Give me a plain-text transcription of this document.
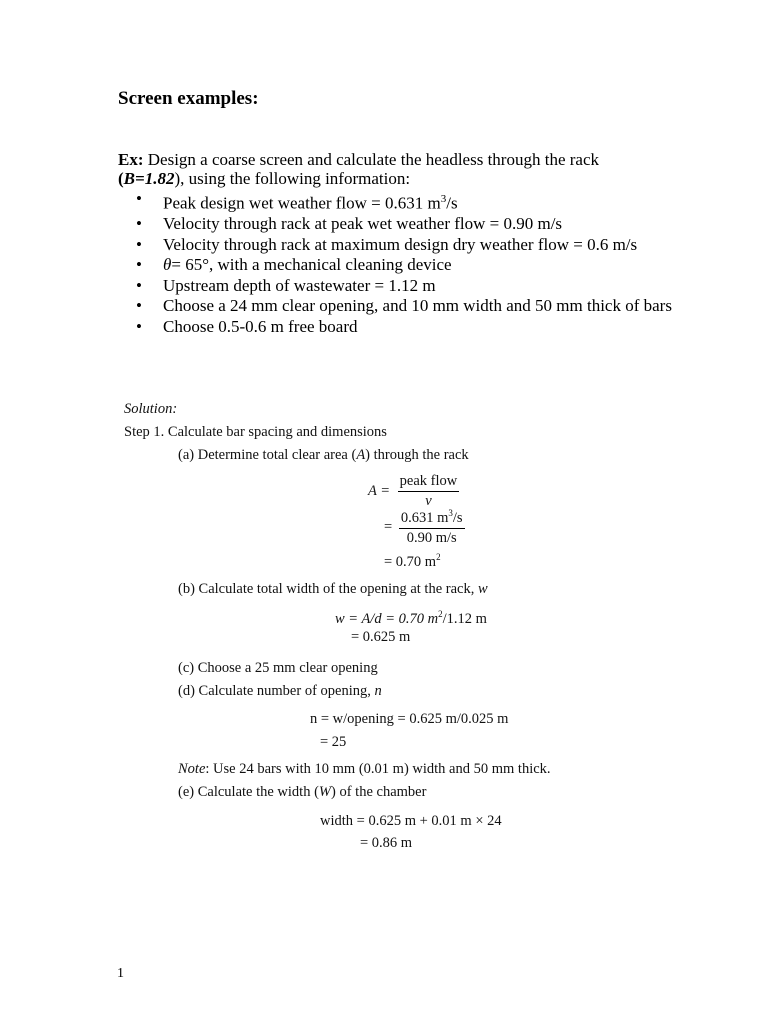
Screen examples:
Ex: Design a coarse screen and calculate the headless through the rack
(B=1.82), using the following information:
• Peak design wet weather flow = 0.631 $m^3/s$
• Velocity through rack at peak wet weather flow = 0.90 m/s
• Velocity through rack at maximum design dry weather flow = 0.6 m/s
• θ= 65°, with a mechanical cleaning device
• Upstream depth of wastewater = 1.12 m
• Choose a 24 mm clear opening, and 10 mm width and 50 mm thick of bars
• Choose 0.5-0.6 m free board
Solution:
Step 1. Calculate bar spacing and dimensions
(a) Determine total clear area (A) through the rack
$A = \frac{\text{peak flow}}{v}$
= $\frac{0.631 m^3/s}{0.90 m/s}$
= 0.70 $m^2$
(b) Calculate total width of the opening at the rack, w
w = A/d = 0.70 $m^2/1.12$ m
= 0.625 m
(c) Choose a 25 mm clear opening
(d) Calculate number of opening, n
n = w/opening = 0.625 m/0.025 m
= 25
Note: Use 24 bars with 10 mm (0.01 m) width and 50 mm thick.
(e) Calculate the width (W) of the chamber
width = 0.625 m + 0.01 m × 24
= 0.86 m
1
